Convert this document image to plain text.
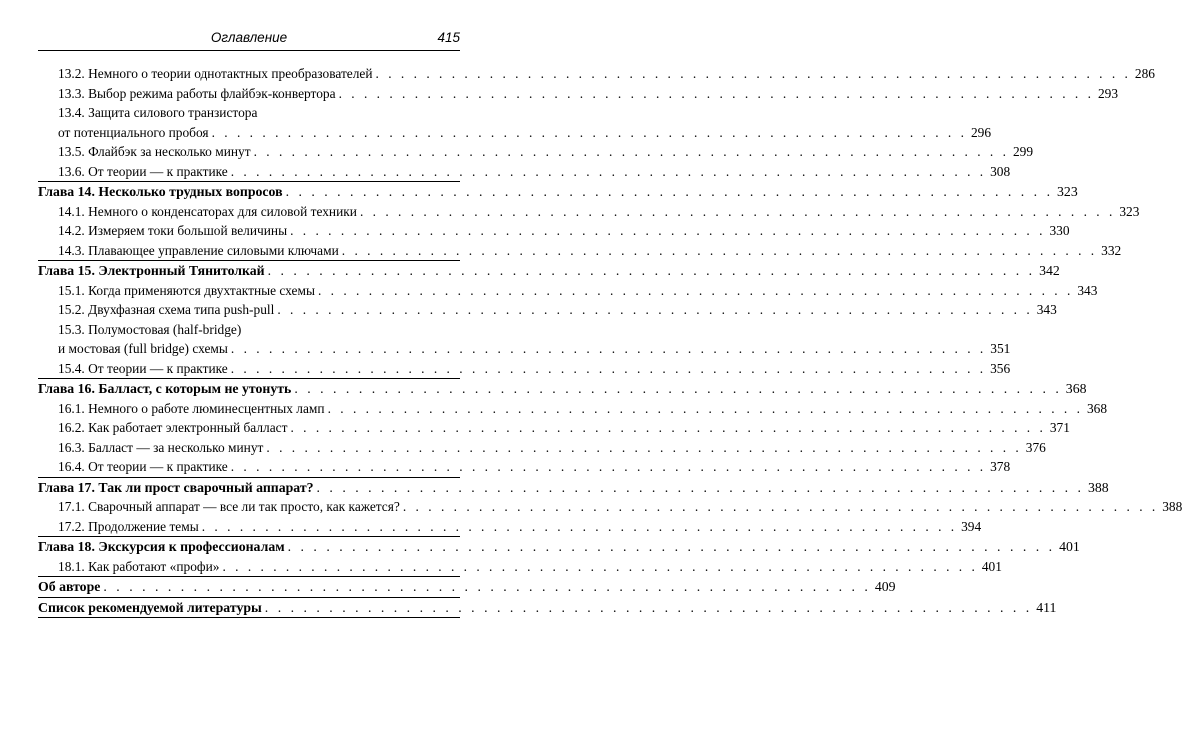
Оглавление	415
13.2. Немного о теории однотактных преобразователей . . . . . . . . . . . . . . . . . . . . . . . . . . . . . . . . . . . . . . . . . . . . . . . . . . . . . . . . . . . . 286
13.3. Выбор режима работы флайбэк-конвертора . . . . . . . . . . . . . . . . . . . . . . . . . . . . . . . . . . . . . . . . . . . . . . . . . . . . . . . . . . . . 293
13.4. Защита силового транзистора
от потенциального пробоя . . . . . . . . . . . . . . . . . . . . . . . . . . . . . . . . . . . . . . . . . . . . . . . . . . . . . . . . . . . . 296
13.5. Флайбэк за несколько минут . . . . . . . . . . . . . . . . . . . . . . . . . . . . . . . . . . . . . . . . . . . . . . . . . . . . . . . . . . . . 299
13.6. От теории — к практике . . . . . . . . . . . . . . . . . . . . . . . . . . . . . . . . . . . . . . . . . . . . . . . . . . . . . . . . . . . . 308
Глава 14. Несколько трудных вопросов . . . . . . . . . . . . . . . . . . . . . . . . . . . . . . . . . . . . . . . . . . . . . . . . . . . . . . . . . . . . 323
14.1. Немного о конденсаторах для силовой техники . . . . . . . . . . . . . . . . . . . . . . . . . . . . . . . . . . . . . . . . . . . . . . . . . . . . . . . . . . . . 323
14.2. Измеряем токи большой величины . . . . . . . . . . . . . . . . . . . . . . . . . . . . . . . . . . . . . . . . . . . . . . . . . . . . . . . . . . . . 330
14.3. Плавающее управление силовыми ключами . . . . . . . . . . . . . . . . . . . . . . . . . . . . . . . . . . . . . . . . . . . . . . . . . . . . . . . . . . . . 332
Глава 15. Электронный Тянитолкай . . . . . . . . . . . . . . . . . . . . . . . . . . . . . . . . . . . . . . . . . . . . . . . . . . . . . . . . . . . . 342
15.1. Когда применяются двухтактные схемы . . . . . . . . . . . . . . . . . . . . . . . . . . . . . . . . . . . . . . . . . . . . . . . . . . . . . . . . . . . . 343
15.2. Двухфазная схема типа push-pull . . . . . . . . . . . . . . . . . . . . . . . . . . . . . . . . . . . . . . . . . . . . . . . . . . . . . . . . . . . . 343
15.3. Полумостовая (half-bridge)
и мостовая (full bridge) схемы . . . . . . . . . . . . . . . . . . . . . . . . . . . . . . . . . . . . . . . . . . . . . . . . . . . . . . . . . . . . 351
15.4. От теории — к практике . . . . . . . . . . . . . . . . . . . . . . . . . . . . . . . . . . . . . . . . . . . . . . . . . . . . . . . . . . . . 356
Глава 16. Балласт, с которым не утонуть . . . . . . . . . . . . . . . . . . . . . . . . . . . . . . . . . . . . . . . . . . . . . . . . . . . . . . . . . . . . 368
16.1. Немного о работе люминесцентных ламп . . . . . . . . . . . . . . . . . . . . . . . . . . . . . . . . . . . . . . . . . . . . . . . . . . . . . . . . . . . . 368
16.2. Как работает электронный балласт . . . . . . . . . . . . . . . . . . . . . . . . . . . . . . . . . . . . . . . . . . . . . . . . . . . . . . . . . . . . 371
16.3. Балласт — за несколько минут . . . . . . . . . . . . . . . . . . . . . . . . . . . . . . . . . . . . . . . . . . . . . . . . . . . . . . . . . . . . 376
16.4. От теории — к практике . . . . . . . . . . . . . . . . . . . . . . . . . . . . . . . . . . . . . . . . . . . . . . . . . . . . . . . . . . . . 378
Глава 17. Так ли прост сварочный аппарат? . . . . . . . . . . . . . . . . . . . . . . . . . . . . . . . . . . . . . . . . . . . . . . . . . . . . . . . . . . . . 388
17.1. Сварочный аппарат — все ли так просто, как кажется? . . . . . . . . . . . . . . . . . . . . . . . . . . . . . . . . . . . . . . . . . . . . . . . . . . . . . . . . . . . . 388
17.2. Продолжение темы . . . . . . . . . . . . . . . . . . . . . . . . . . . . . . . . . . . . . . . . . . . . . . . . . . . . . . . . . . . . 394
Глава 18. Экскурсия к профессионалам . . . . . . . . . . . . . . . . . . . . . . . . . . . . . . . . . . . . . . . . . . . . . . . . . . . . . . . . . . . . 401
18.1. Как работают «профи» . . . . . . . . . . . . . . . . . . . . . . . . . . . . . . . . . . . . . . . . . . . . . . . . . . . . . . . . . . . . 401
Об авторе . . . . . . . . . . . . . . . . . . . . . . . . . . . . . . . . . . . . . . . . . . . . . . . . . . . . . . . . . . . . 409
Список рекомендуемой литературы . . . . . . . . . . . . . . . . . . . . . . . . . . . . . . . . . . . . . . . . . . . . . . . . . . . . . . . . . . . . 411
